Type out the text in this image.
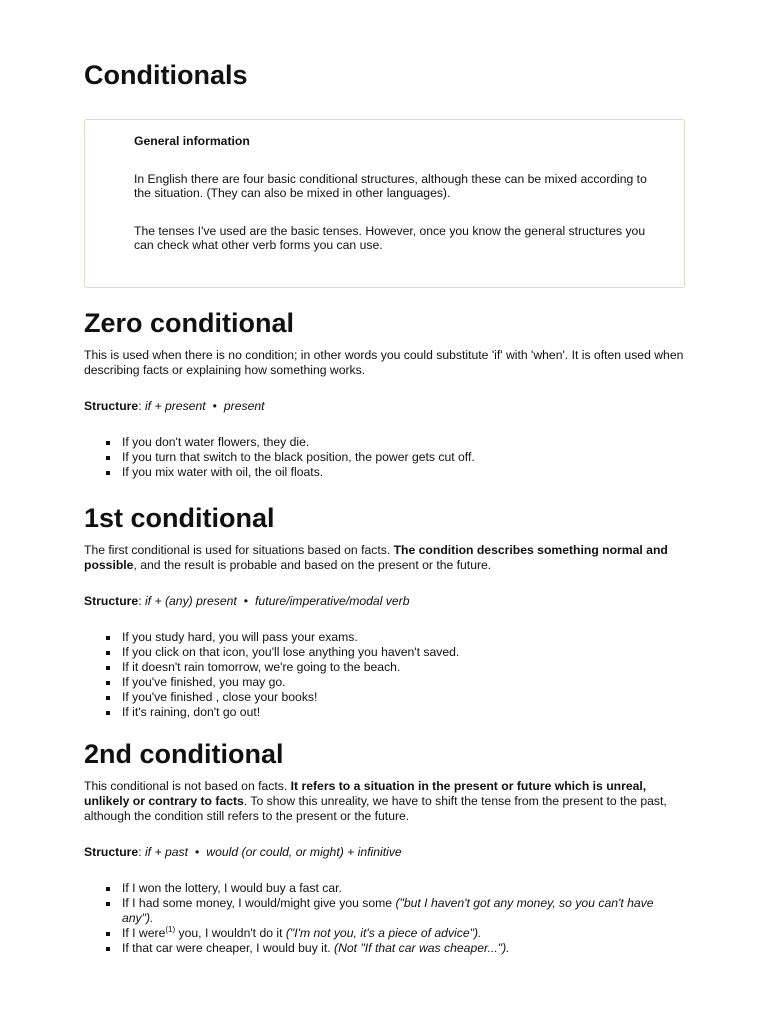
Conditionals

General information

In English there are four basic conditional structures, although these can be mixed according to the situation. (They can also be mixed in other languages).

The tenses I've used are the basic tenses. However, once you know the general structures you can check what other verb forms you can use.

Zero conditional

This is used when there is no condition; in other words you could substitute 'if' with 'when'. It is often used when describing facts or explaining how something works.

Structure: if + present • present

If you don't water flowers, they die.
If you turn that switch to the black position, the power gets cut off.
If you mix water with oil, the oil floats.
1st conditional

The first conditional is used for situations based on facts. The condition describes something normal and possible, and the result is probable and based on the present or the future.

Structure: if + (any) present • future/imperative/modal verb

If you study hard, you will pass your exams.
If you click on that icon, you'll lose anything you haven't saved.
If it doesn't rain tomorrow, we're going to the beach.
If you've finished, you may go.
If you've finished , close your books!
If it's raining, don't go out!
2nd conditional

This conditional is not based on facts. It refers to a situation in the present or future which is unreal, unlikely or contrary to facts. To show this unreality, we have to shift the tense from the present to the past, although the condition still refers to the present or the future.

Structure: if + past • would (or could, or might) + infinitive

If I won the lottery, I would buy a fast car.
If I had some money, I would/might give you some ("but I haven't got any money, so you can't have any").
If I were$^{(1)}$ you, I wouldn't do it ("I'm not you, it's a piece of advice").
If that car were cheaper, I would buy it. (Not "If that car was cheaper...").
